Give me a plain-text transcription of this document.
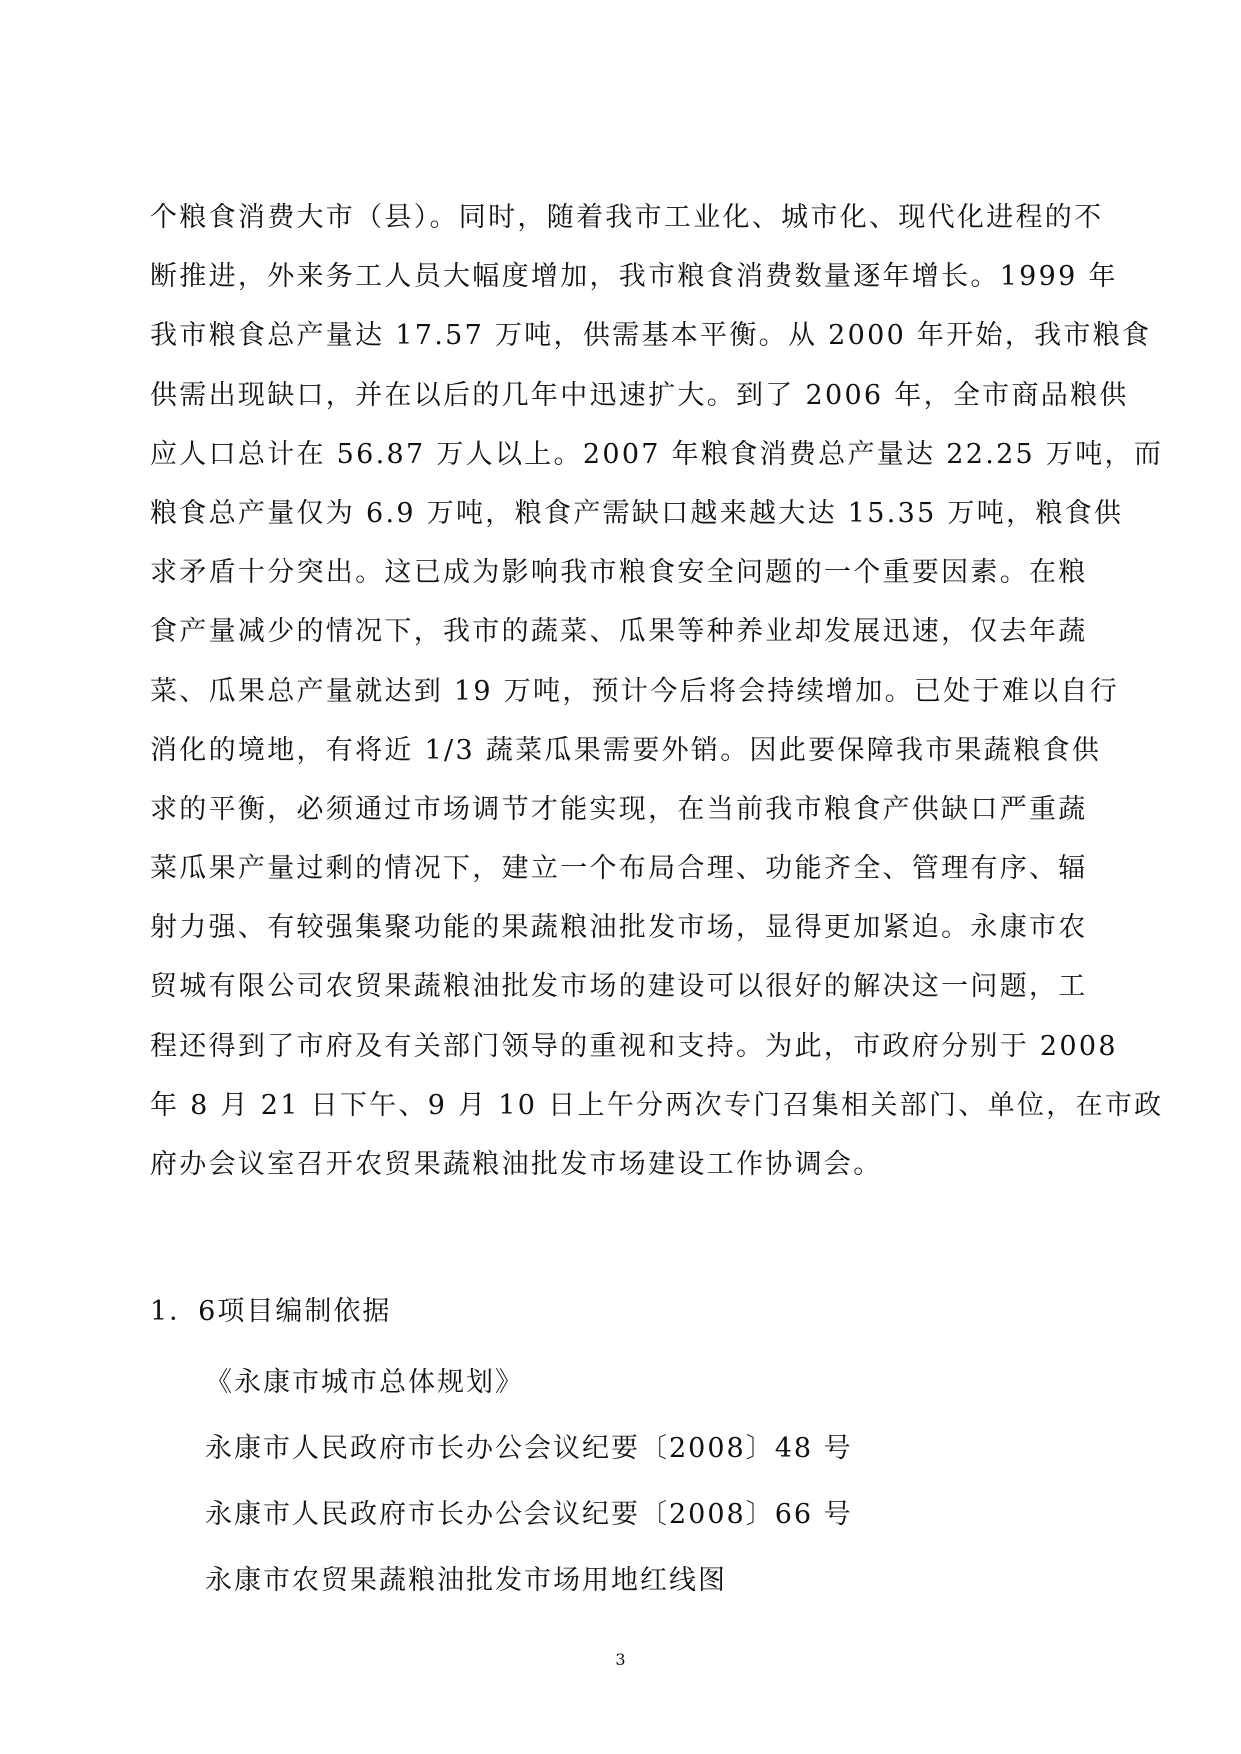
个粮食消费大市（县）。同时，随着我市工业化、城市化、现代化进程的不
断推进，外来务工人员大幅度增加，我市粮食消费数量逐年增长。1999 年
我市粮食总产量达 17.57 万吨，供需基本平衡。从 2000 年开始，我市粮食
供需出现缺口，并在以后的几年中迅速扩大。到了 2006 年，全市商品粮供
应人口总计在 56.87 万人以上。2007 年粮食消费总产量达 22.25 万吨，而
粮食总产量仅为 6.9 万吨，粮食产需缺口越来越大达 15.35 万吨，粮食供
求矛盾十分突出。这已成为影响我市粮食安全问题的一个重要因素。在粮
食产量减少的情况下，我市的蔬菜、瓜果等种养业却发展迅速，仅去年蔬
菜、瓜果总产量就达到 19 万吨，预计今后将会持续增加。已处于难以自行
消化的境地，有将近 1/3 蔬菜瓜果需要外销。因此要保障我市果蔬粮食供
求的平衡，必须通过市场调节才能实现，在当前我市粮食产供缺口严重蔬
菜瓜果产量过剩的情况下，建立一个布局合理、功能齐全、管理有序、辐
射力强、有较强集聚功能的果蔬粮油批发市场，显得更加紧迫。永康市农
贸城有限公司农贸果蔬粮油批发市场的建设可以很好的解决这一问题，工
程还得到了市府及有关部门领导的重视和支持。为此，市政府分别于 2008
年 8 月 21 日下午、9 月 10 日上午分两次专门召集相关部门、单位，在市政
府办会议室召开农贸果蔬粮油批发市场建设工作协调会。
1．6项目编制依据
《永康市城市总体规划》
永康市人民政府市长办公会议纪要〔2008〕48 号
永康市人民政府市长办公会议纪要〔2008〕66 号
永康市农贸果蔬粮油批发市场用地红线图
3
